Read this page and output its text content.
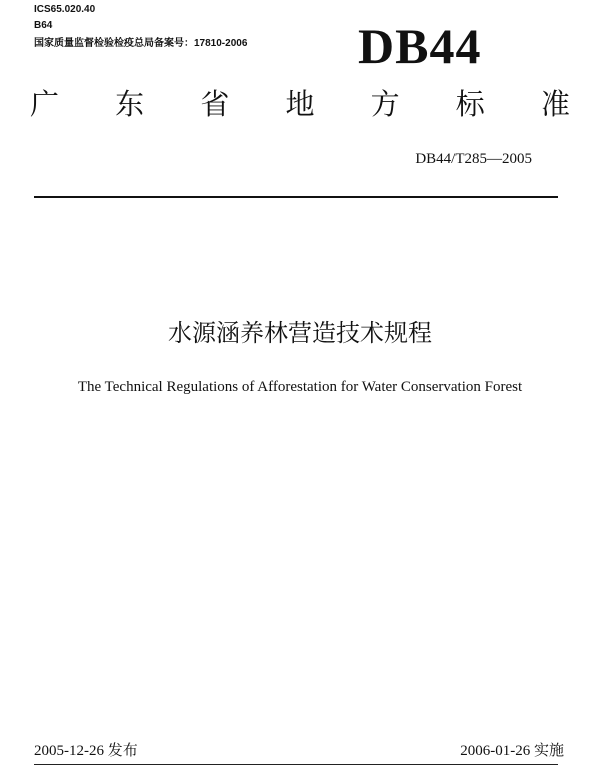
ICS65.020.40
B64
国家质量监督检验检疫总局备案号：17810-2006 DB44
广 东 省 地 方 标 准
DB44/T285—2005
水源涵养林营造技术规程
The Technical Regulations of Afforestation for Water Conservation Forest
2005-12-26 发布	2006-01-26 实施
